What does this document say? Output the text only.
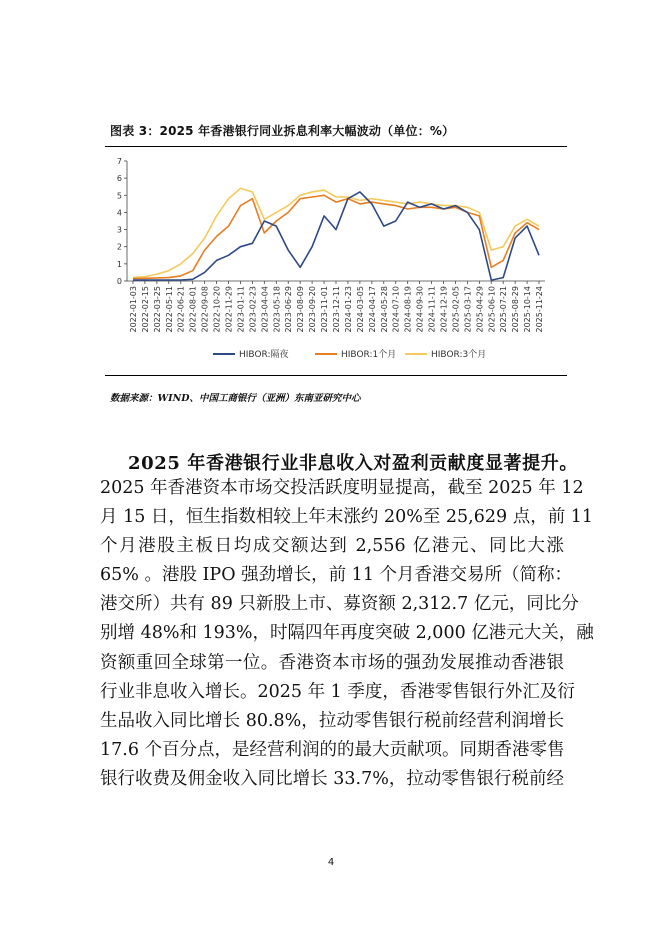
图表 3：2025 年香港银行同业拆息利率大幅波动（单位：%）
0
1
2
3
4
5
6
7
2022-01-03 2022-02-15 2022-03-25 2022-05-11 2022-06-21 2022-08-01 2022-09-08 2022-10-20 2022-11-29 2023-01-11 2023-02-23 2023-04-04 2023-05-18 2023-06-29 2023-08-09 2023-09-20 2023-11-01 2023-12-11 2024-01-23 2024-03-05 2024-04-17 2024-05-28 2024-07-10 2024-08-19 2024-09-30 2024-11-11 2024-12-19 2025-02-05 2025-03-17 2025-04-29 2025-06-10 2025-07-21 2025-08-29 2025-10-14 2025-11-24
HIBOR:隔夜	HIBOR:1个月	HIBOR:3个月
数据来源：WIND、中国工商银行（亚洲）东南亚研究中心
2025 年香港银行业非息收入对盈利贡献度显著提升。
2025 年香港资本市场交投活跃度明显提高，截至 2025 年 12
月 15 日，恒生指数相较上年末涨约 20%至 25,629 点，前 11
个月港股主板日均成交额达到 2,556 亿港元、同比大涨
65% 。港股 IPO 强劲增长，前 11 个月香港交易所（简称：
港交所）共有 89 只新股上市、募资额 2,312.7 亿元，同比分
别增 48%和 193%，时隔四年再度突破 2,000 亿港元大关，融
资额重回全球第一位。香港资本市场的强劲发展推动香港银
行业非息收入增长。2025 年 1 季度，香港零售银行外汇及衍
生品收入同比增长 80.8%，拉动零售银行税前经营利润增长
17.6 个百分点，是经营利润的的最大贡献项。同期香港零售
银行收费及佣金收入同比增长 33.7%，拉动零售银行税前经
4
